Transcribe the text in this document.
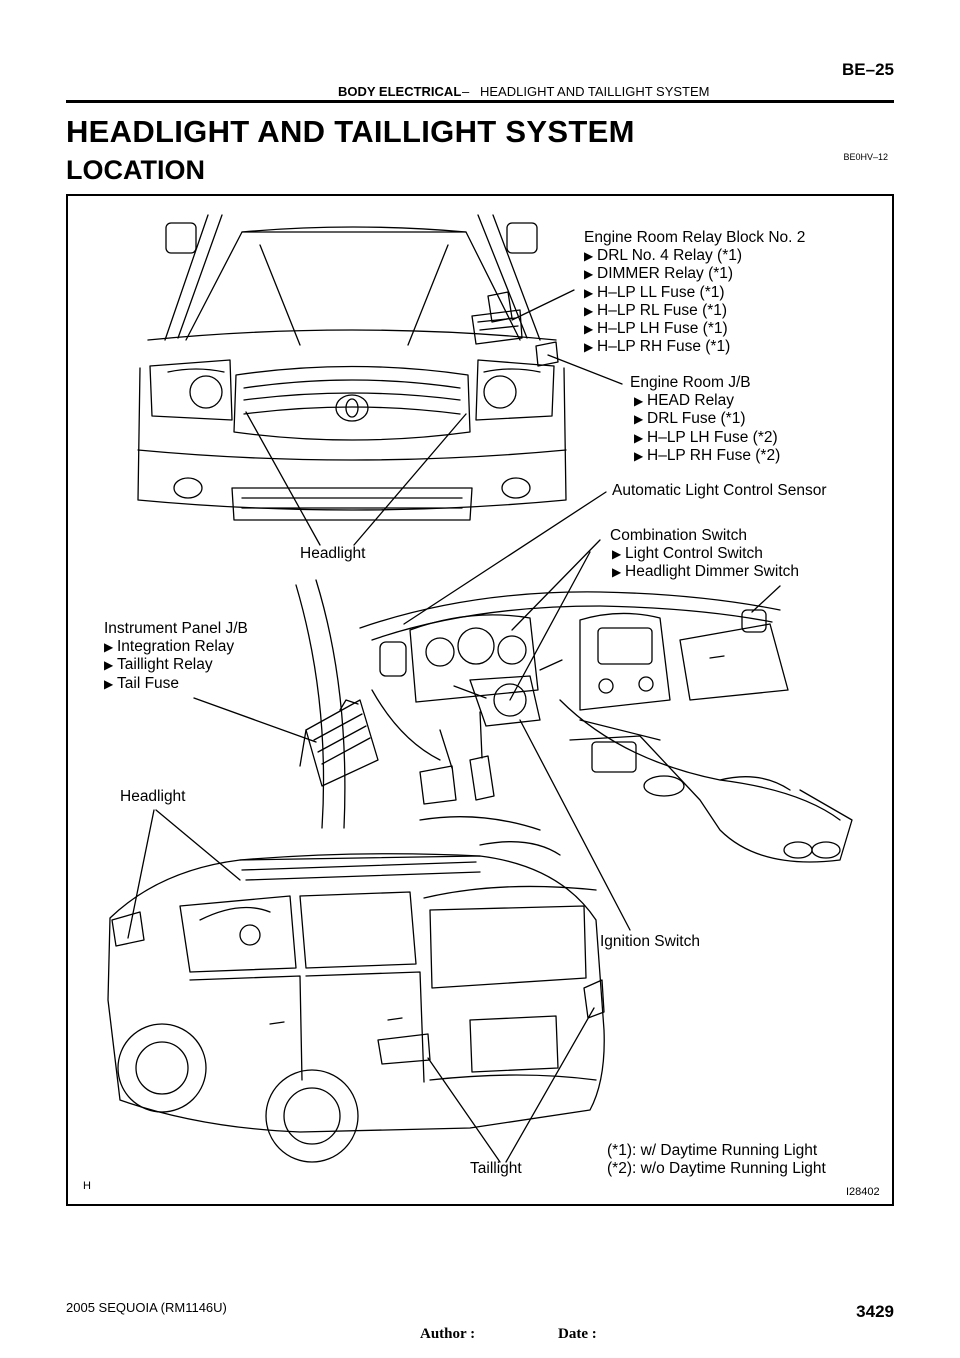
BE–25
BODY ELECTRICAL – HEADLIGHT AND TAILLIGHT SYSTEM
HEADLIGHT AND TAILLIGHT SYSTEM
BE0HV–12
LOCATION
Engine Room Relay Block No. 2
▶ DRL No. 4 Relay (*1)
▶ DIMMER Relay (*1)
▶ H–LP LL Fuse (*1)
▶ H–LP RL Fuse (*1)
▶ H–LP LH Fuse (*1)
▶ H–LP RH Fuse (*1)
Engine Room J/B
▶ HEAD Relay
▶ DRL Fuse (*1)
▶ H–LP LH Fuse (*2)
▶ H–LP RH Fuse (*2)
Automatic Light Control Sensor
Combination Switch
▶ Light Control Switch
▶ Headlight Dimmer Switch
Headlight
Instrument Panel J/B
▶ Integration Relay
▶ Taillight Relay
▶ Tail Fuse
Headlight
Ignition Switch
Taillight
(*1): w/ Daytime Running Light
(*2): w/o Daytime Running Light
H	I28402
2005 SEQUOIA (RM1146U)	3429
Author :	Date :
